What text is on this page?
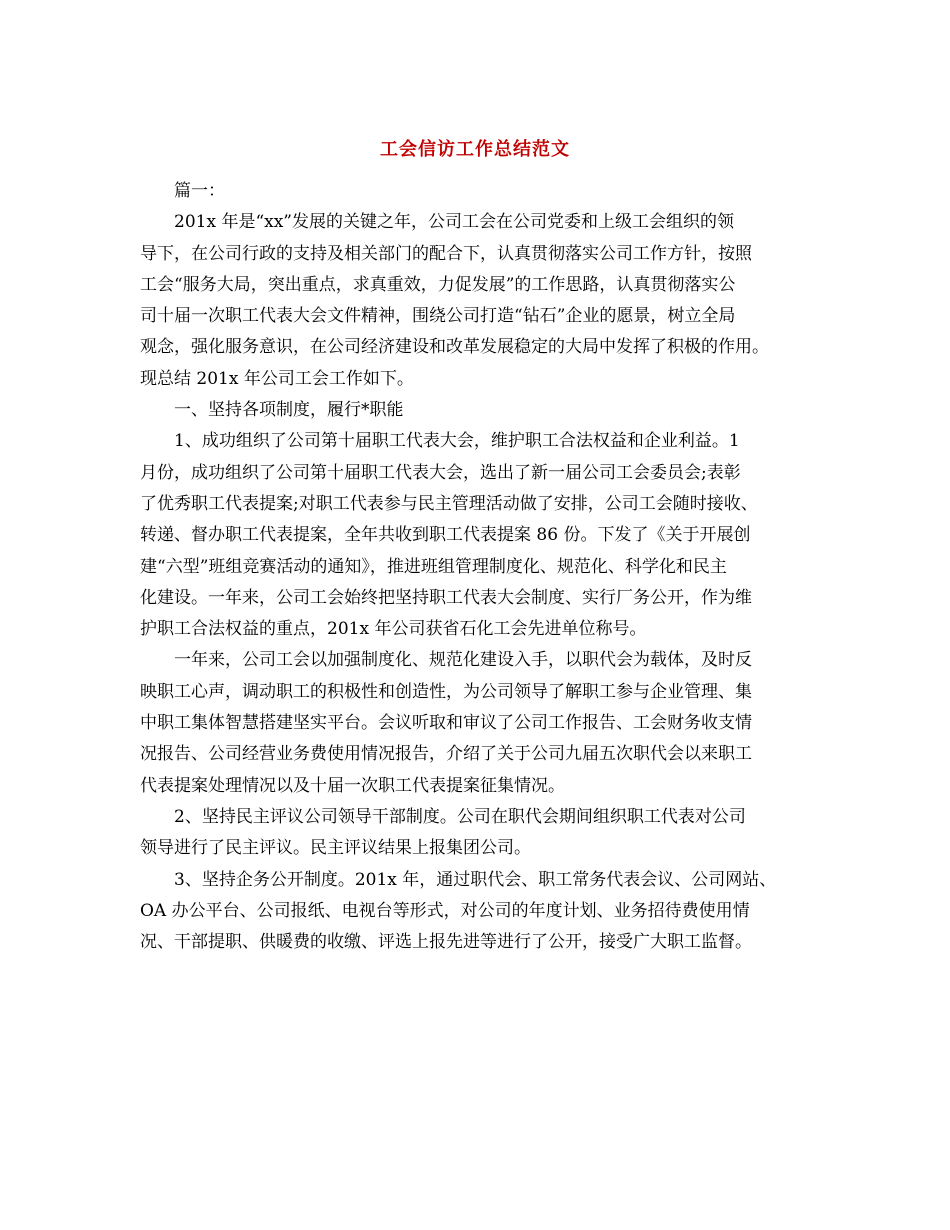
工会信访工作总结范文
篇一：
201x 年是“xx”发展的关键之年，公司工会在公司党委和上级工会组织的领
导下，在公司行政的支持及相关部门的配合下，认真贯彻落实公司工作方针，按照
工会“服务大局，突出重点，求真重效，力促发展”的工作思路，认真贯彻落实公
司十届一次职工代表大会文件精神，围绕公司打造“钻石”企业的愿景，树立全局
观念，强化服务意识，在公司经济建设和改革发展稳定的大局中发挥了积极的作用。
现总结 201x 年公司工会工作如下。
一、坚持各项制度，履行*职能
1、成功组织了公司第十届职工代表大会，维护职工合法权益和企业利益。1
月份，成功组织了公司第十届职工代表大会，选出了新一届公司工会委员会;表彰
了优秀职工代表提案;对职工代表参与民主管理活动做了安排，公司工会随时接收、
转递、督办职工代表提案，全年共收到职工代表提案 86 份。下发了《关于开展创
建“六型”班组竞赛活动的通知》，推进班组管理制度化、规范化、科学化和民主
化建设。一年来，公司工会始终把坚持职工代表大会制度、实行厂务公开，作为维
护职工合法权益的重点，201x 年公司获省石化工会先进单位称号。
一年来，公司工会以加强制度化、规范化建设入手，以职代会为载体，及时反
映职工心声，调动职工的积极性和创造性，为公司领导了解职工参与企业管理、集
中职工集体智慧搭建坚实平台。会议听取和审议了公司工作报告、工会财务收支情
况报告、公司经营业务费使用情况报告，介绍了关于公司九届五次职代会以来职工
代表提案处理情况以及十届一次职工代表提案征集情况。
2、坚持民主评议公司领导干部制度。公司在职代会期间组织职工代表对公司
领导进行了民主评议。民主评议结果上报集团公司。
3、坚持企务公开制度。201x 年，通过职代会、职工常务代表会议、公司网站、
OA 办公平台、公司报纸、电视台等形式，对公司的年度计划、业务招待费使用情
况、干部提职、供暖费的收缴、评选上报先进等进行了公开，接受广大职工监督。
